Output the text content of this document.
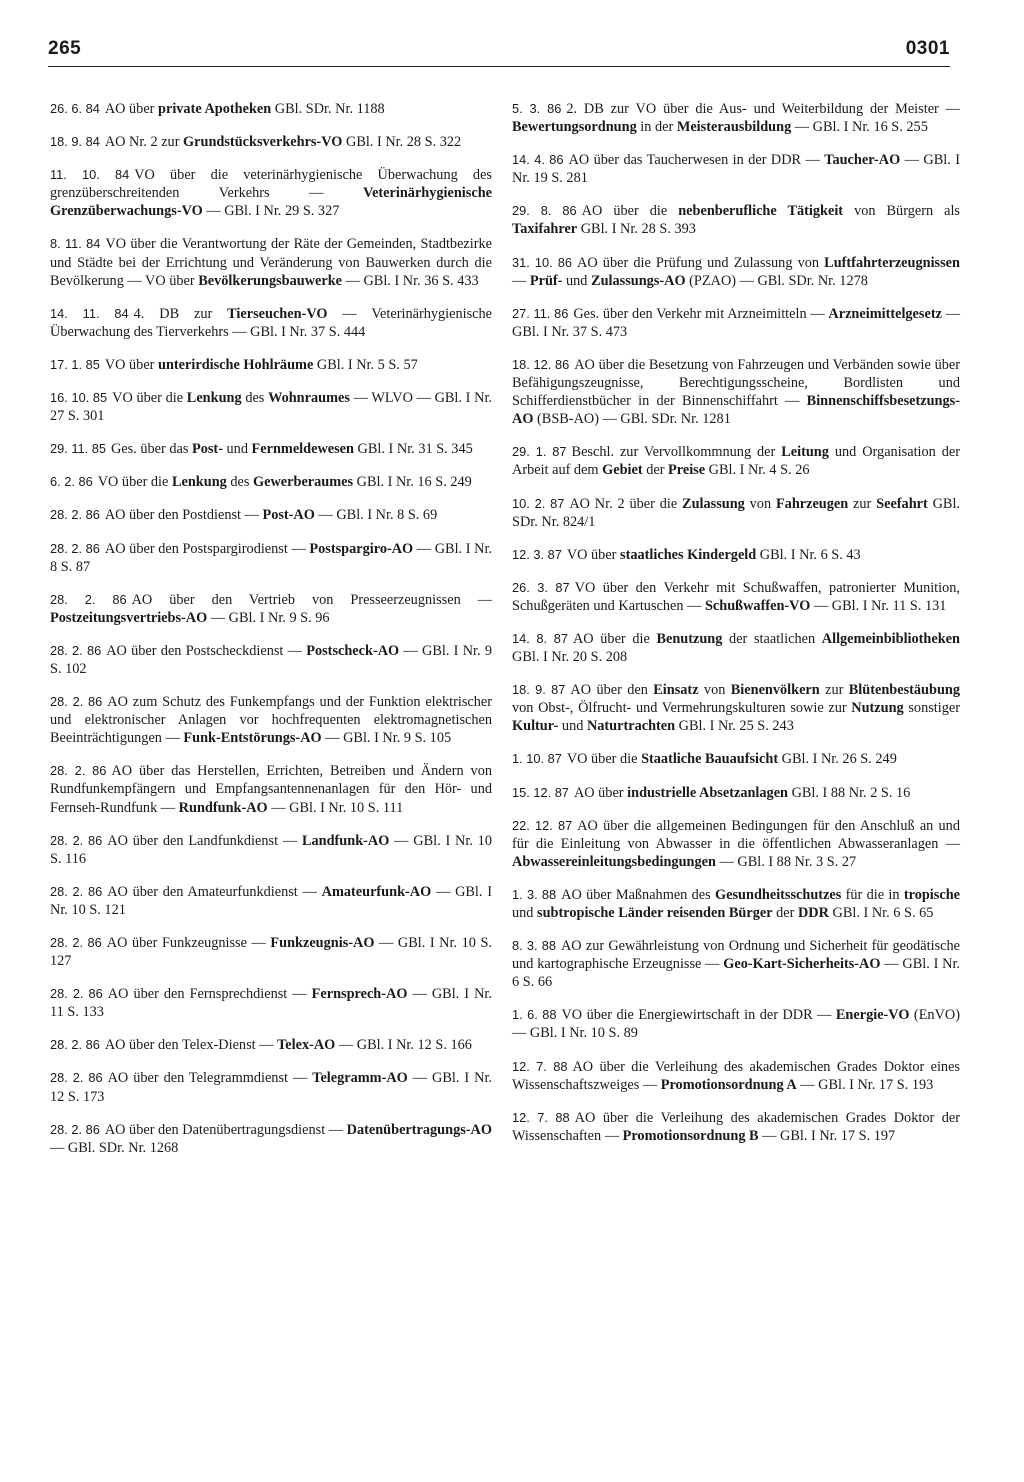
265	0301
26. 6. 84 AO über private Apotheken GBl. SDr. Nr. 1188
18. 9. 84 AO Nr. 2 zur Grundstücksverkehrs-VO GBl. I Nr. 28 S. 322
11. 10. 84 VO über die veterinärhygienische Überwachung des grenzüberschreitenden Verkehrs — Veterinärhygienische Grenzüberwachungs-VO — GBl. I Nr. 29 S. 327
8. 11. 84 VO über die Verantwortung der Räte der Gemeinden, Stadtbezirke und Städte bei der Errichtung und Veränderung von Bauwerken durch die Bevölkerung — VO über Bevölkerungsbauwerke — GBl. I Nr. 36 S. 433
14. 11. 84 4. DB zur Tierseuchen-VO — Veterinärhygienische Überwachung des Tierverkehrs — GBl. I Nr. 37 S. 444
17. 1. 85 VO über unterirdische Hohlräume GBl. I Nr. 5 S. 57
16. 10. 85 VO über die Lenkung des Wohnraumes — WLVO — GBl. I Nr. 27 S. 301
29. 11. 85 Ges. über das Post- und Fernmeldewesen GBl. I Nr. 31 S. 345
6. 2. 86 VO über die Lenkung des Gewerberaumes GBl. I Nr. 16 S. 249
28. 2. 86 AO über den Postdienst — Post-AO — GBl. I Nr. 8 S. 69
28. 2. 86 AO über den Postspargirodienst — Postspargiro-AO — GBl. I Nr. 8 S. 87
28. 2. 86 AO über den Vertrieb von Presseerzeugnissen — Postzeitungsvertriebs-AO — GBl. I Nr. 9 S. 96
28. 2. 86 AO über den Postscheckdienst — Postscheck-AO — GBl. I Nr. 9 S. 102
28. 2. 86 AO zum Schutz des Funkempfangs und der Funktion elektrischer und elektronischer Anlagen vor hochfrequenten elektromagnetischen Beeinträchtigungen — Funk-Entstörungs-AO — GBl. I Nr. 9 S. 105
28. 2. 86 AO über das Herstellen, Errichten, Betreiben und Ändern von Rundfunkempfängern und Empfangsantennenanlagen für den Hör- und Fernseh-Rundfunk — Rundfunk-AO — GBl. I Nr. 10 S. 111
28. 2. 86 AO über den Landfunkdienst — Landfunk-AO — GBl. I Nr. 10 S. 116
28. 2. 86 AO über den Amateurfunkdienst — Amateurfunk-AO — GBl. I Nr. 10 S. 121
28. 2. 86 AO über Funkzeugnisse — Funkzeugnis-AO — GBl. I Nr. 10 S. 127
28. 2. 86 AO über den Fernsprechdienst — Fernsprech-AO — GBl. I Nr. 11 S. 133
28. 2. 86 AO über den Telex-Dienst — Telex-AO — GBl. I Nr. 12 S. 166
28. 2. 86 AO über den Telegrammdienst — Telegramm-AO — GBl. I Nr. 12 S. 173
28. 2. 86 AO über den Datenübertragungsdienst — Datenübertragungs-AO — GBl. SDr. Nr. 1268
5. 3. 86 2. DB zur VO über die Aus- und Weiterbildung der Meister — Bewertungsordnung in der Meisterausbildung — GBl. I Nr. 16 S. 255
14. 4. 86 AO über das Taucherwesen in der DDR — Taucher-AO — GBl. I Nr. 19 S. 281
29. 8. 86 AO über die nebenberufliche Tätigkeit von Bürgern als Taxifahrer GBl. I Nr. 28 S. 393
31. 10. 86 AO über die Prüfung und Zulassung von Luftfahrterzeugnissen — Prüf- und Zulassungs-AO (PZAO) — GBl. SDr. Nr. 1278
27. 11. 86 Ges. über den Verkehr mit Arzneimitteln — Arzneimittelgesetz — GBl. I Nr. 37 S. 473
18. 12. 86 AO über die Besetzung von Fahrzeugen und Verbänden sowie über Befähigungszeugnisse, Berechtigungsscheine, Bordlisten und Schifferdienstbücher in der Binnenschiffahrt — Binnenschiffsbesetzungs-AO (BSB-AO) — GBl. SDr. Nr. 1281
29. 1. 87 Beschl. zur Vervollkommnung der Leitung und Organisation der Arbeit auf dem Gebiet der Preise GBl. I Nr. 4 S. 26
10. 2. 87 AO Nr. 2 über die Zulassung von Fahrzeugen zur Seefahrt GBl. SDr. Nr. 824/1
12. 3. 87 VO über staatliches Kindergeld GBl. I Nr. 6 S. 43
26. 3. 87 VO über den Verkehr mit Schußwaffen, patronierter Munition, Schußgeräten und Kartuschen — Schußwaffen-VO — GBl. I Nr. 11 S. 131
14. 8. 87 AO über die Benutzung der staatlichen Allgemeinbibliotheken GBl. I Nr. 20 S. 208
18. 9. 87 AO über den Einsatz von Bienenvölkern zur Blütenbestäubung von Obst-, Ölfrucht- und Vermehrungskulturen sowie zur Nutzung sonstiger Kultur- und Naturtrachten GBl. I Nr. 25 S. 243
1. 10. 87 VO über die Staatliche Bauaufsicht GBl. I Nr. 26 S. 249
15. 12. 87 AO über industrielle Absetzanlagen GBl. I 88 Nr. 2 S. 16
22. 12. 87 AO über die allgemeinen Bedingungen für den Anschluß an und für die Einleitung von Abwasser in die öffentlichen Abwasseranlagen — Abwassereinleitungsbedingungen — GBl. I 88 Nr. 3 S. 27
1. 3. 88 AO über Maßnahmen des Gesundheitsschutzes für die in tropische und subtropische Länder reisenden Bürger der DDR GBl. I Nr. 6 S. 65
8. 3. 88 AO zur Gewährleistung von Ordnung und Sicherheit für geodätische und kartographische Erzeugnisse — Geo-Kart-Sicherheits-AO — GBl. I Nr. 6 S. 66
1. 6. 88 VO über die Energiewirtschaft in der DDR — Energie-VO (EnVO) — GBl. I Nr. 10 S. 89
12. 7. 88 AO über die Verleihung des akademischen Grades Doktor eines Wissenschaftszweiges — Promotionsordnung A — GBl. I Nr. 17 S. 193
12. 7. 88 AO über die Verleihung des akademischen Grades Doktor der Wissenschaften — Promotionsordnung B — GBl. I Nr. 17 S. 197
